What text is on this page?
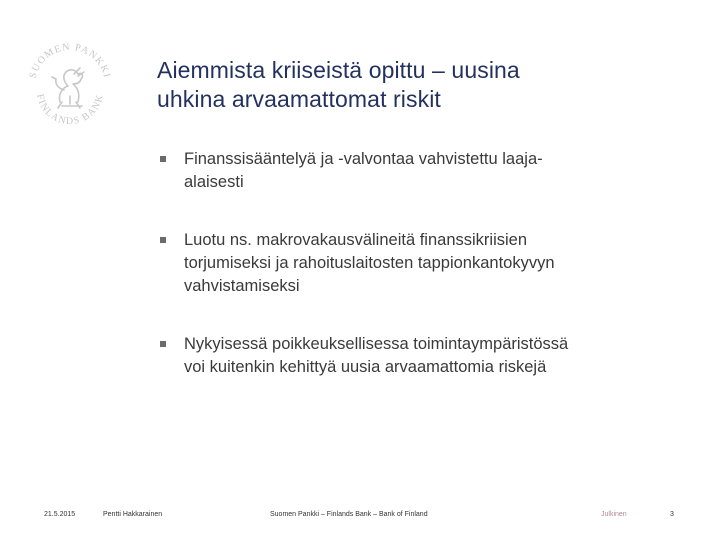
SUOMEN PANKKI
FINLANDS BANK
Aiemmista kriiseistä opittu – uusina
uhkina arvaamattomat riskit
Finanssisääntelyä ja -valvontaa vahvistettu laaja-
alaisesti
Luotu ns. makrovakausvälineitä finanssikriisien
torjumiseksi ja rahoituslaitosten tappionkantokyvyn
vahvistamiseksi
Nykyisessä poikkeuksellisessa toimintaympäristössä
voi kuitenkin kehittyä uusia arvaamattomia riskejä
21.5.2015	Pentti Hakkarainen	Suomen Pankki – Finlands Bank – Bank of Finland	Julkinen	3
